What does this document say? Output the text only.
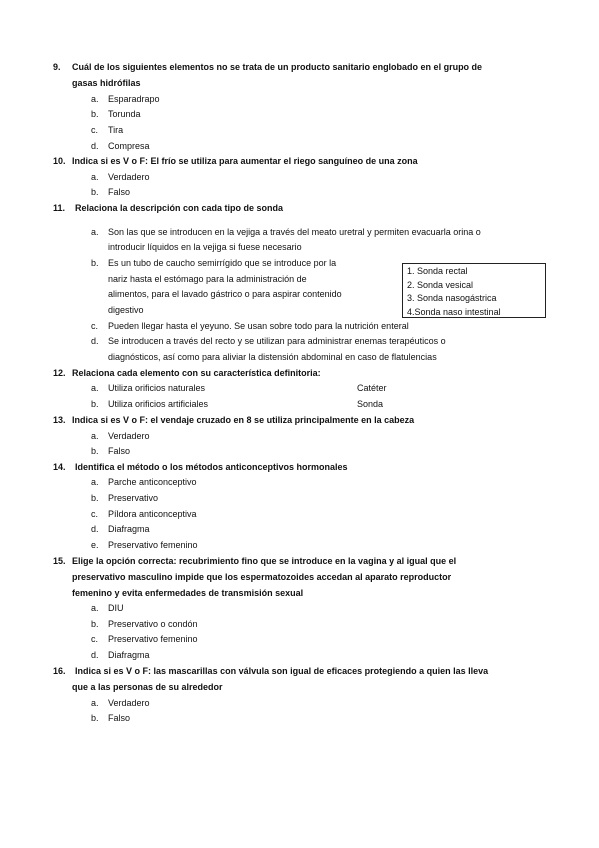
9. Cuál de los siguientes elementos no se trata de un producto sanitario englobado en el grupo de
gasas hidrófilas
a. Esparadrapo
b. Torunda
c. Tira
d. Compresa
10. Indica si es V o F: El frío se utiliza para aumentar el riego sanguíneo de una zona
a. Verdadero
b. Falso
11. Relaciona la descripción con cada tipo de sonda
a. Son las que se introducen en la vejiga a través del meato uretral y permiten evacuarla orina o
introducir líquidos en la vejiga si fuese necesario
b. Es un tubo de caucho semirrígido que se introduce por la
nariz hasta el estómago para la administración de
alimentos, para el lavado gástrico o para aspirar contenido
digestivo
1. Sonda rectal
2. Sonda vesical
3. Sonda nasogástrica
4.Sonda naso intestinal
c. Pueden llegar hasta el yeyuno. Se usan sobre todo para la nutrición enteral
d. Se introducen a través del recto y se utilizan para administrar enemas terapéuticos o
diagnósticos, así como para aliviar la distensión abdominal en caso de flatulencias
12. Relaciona cada elemento con su característica definitoria:
a. Utiliza orificios naturales	Catéter
b. Utiliza orificios artificiales	Sonda
13. Indica si es V o F: el vendaje cruzado en 8 se utiliza principalmente en la cabeza
a. Verdadero
b. Falso
14. Identifica el método o los métodos anticonceptivos hormonales
a. Parche anticonceptivo
b. Preservativo
c. Píldora anticonceptiva
d. Diafragma
e. Preservativo femenino
15. Elige la opción correcta: recubrimiento fino que se introduce en la vagina y al igual que el
preservativo masculino impide que los espermatozoides accedan al aparato reproductor
femenino y evita enfermedades de transmisión sexual
a. DIU
b. Preservativo o condón
c. Preservativo femenino
d. Diafragma
16. Indica si es V o F: las mascarillas con válvula son igual de eficaces protegiendo a quien las lleva
que a las personas de su alrededor
a. Verdadero
b. Falso
